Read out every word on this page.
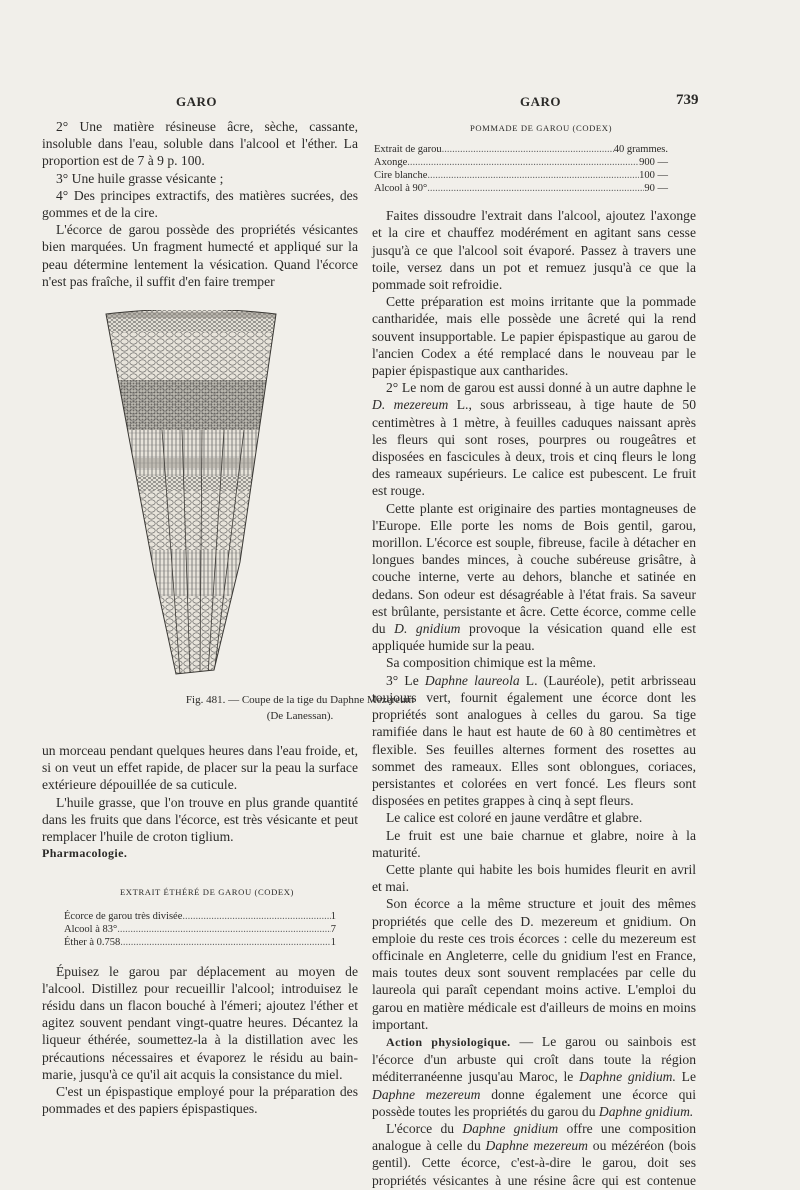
GARO	GARO	739

2° Une matière résineuse âcre, sèche, cassante, insoluble dans l'eau, soluble dans l'alcool et l'éther. La proportion est de 7 à 9 p. 100.

3° Une huile grasse vésicante ;

4° Des principes extractifs, des matières sucrées, des gommes et de la cire.

L'écorce de garou possède des propriétés vésicantes bien marquées. Un fragment humecté et appliqué sur la peau détermine lentement la vésication. Quand l'écorce n'est pas fraîche, il suffit d'en faire tremper

Fig. 481. — Coupe de la tige du Daphne Mezereum
(De Lanessan).

un morceau pendant quelques heures dans l'eau froide, et, si on veut un effet rapide, de placer sur la peau la surface extérieure dépouillée de sa cuticule.

L'huile grasse, que l'on trouve en plus grande quantité dans les fruits que dans l'écorce, est très vésicante et peut remplacer l'huile de croton tiglium.

Pharmacologie.

EXTRAIT ÉTHÉRÉ DE GAROU (CODEX)

Écorce de garou très divisée .....	1
Alcool à 83° .....	7
Éther à 0.758 .....	1

Épuisez le garou par déplacement au moyen de l'alcool. Distillez pour recueillir l'alcool; introduisez le résidu dans un flacon bouché à l'émeri; ajoutez l'éther et agitez souvent pendant vingt-quatre heures. Décantez la liqueur éthérée, soumettez-la à la distillation avec les précautions nécessaires et évaporez le résidu au bain-marie, jusqu'à ce qu'il ait acquis la consistance du miel.

C'est un épispastique employé pour la préparation des pommades et des papiers épispastiques.

POMMADE DE GAROU (CODEX)

Extrait de garou .....	40 grammes.
Axonge .....	900 —
Cire blanche .....	100 —
Alcool à 90° .....	90 —

Faites dissoudre l'extrait dans l'alcool, ajoutez l'axonge et la cire et chauffez modérément en agitant sans cesse jusqu'à ce que l'alcool soit évaporé. Passez à travers une toile, versez dans un pot et remuez jusqu'à ce que la pommade soit refroidie.

Cette préparation est moins irritante que la pommade cantharidée, mais elle possède une âcreté qui la rend souvent insupportable. Le papier épispastique au garou de l'ancien Codex a été remplacé dans le nouveau par le papier épispastique aux cantharides.

2° Le nom de garou est aussi donné à un autre daphne le D. mezereum L., sous arbrisseau, à tige haute de 50 centimètres à 1 mètre, à feuilles caduques naissant après les fleurs qui sont roses, pourpres ou rougeâtres et disposées en fascicules à deux, trois et cinq fleurs le long des rameaux supérieurs. Le calice est pubescent. Le fruit est rouge.

Cette plante est originaire des parties montagneuses de l'Europe. Elle porte les noms de Bois gentil, garou, morillon. L'écorce est souple, fibreuse, facile à détacher en longues bandes minces, à couche subéreuse grisâtre, à couche interne, verte au dehors, blanche et satinée en dedans. Son odeur est désagréable à l'état frais. Sa saveur est brûlante, persistante et âcre. Cette écorce, comme celle du D. gnidium provoque la vésication quand elle est appliquée humide sur la peau.

Sa composition chimique est la même.

3° Le Daphne laureola L. (Lauréole), petit arbrisseau toujours vert, fournit également une écorce dont les propriétés sont analogues à celles du garou. Sa tige ramifiée dans le haut est haute de 60 à 80 centimètres et flexible. Ses feuilles alternes forment des rosettes au sommet des rameaux. Elles sont oblongues, coriaces, persistantes et colorées en vert foncé. Les fleurs sont disposées en petites grappes à cinq à sept fleurs.

Le calice est coloré en jaune verdâtre et glabre.

Le fruit est une baie charnue et glabre, noire à la maturité.

Cette plante qui habite les bois humides fleurit en avril et mai.

Son écorce a la même structure et jouit des mêmes propriétés que celle des D. mezereum et gnidium. On emploie du reste ces trois écorces : celle du mezereum est officinale en Angleterre, celle du gnidium l'est en France, mais toutes deux sont souvent remplacées par celle du laureola qui paraît cependant moins active. L'emploi du garou en matière médicale est d'ailleurs de moins en moins important.

Action physiologique. — Le garou ou sainbois est l'écorce d'un arbuste qui croît dans toute la région méditerranéenne jusqu'au Maroc, le Daphne gnidium. Le Daphne mezereum donne également une écorce qui possède toutes les propriétés du garou du Daphne gnidium.

L'écorce du Daphne gnidium offre une composition analogue à celle du Daphne mezereum ou mézéréon (bois gentil). Cette écorce, c'est-à-dire le garou, doit ses propriétés vésicantes à une résine âcre qui est contenue
